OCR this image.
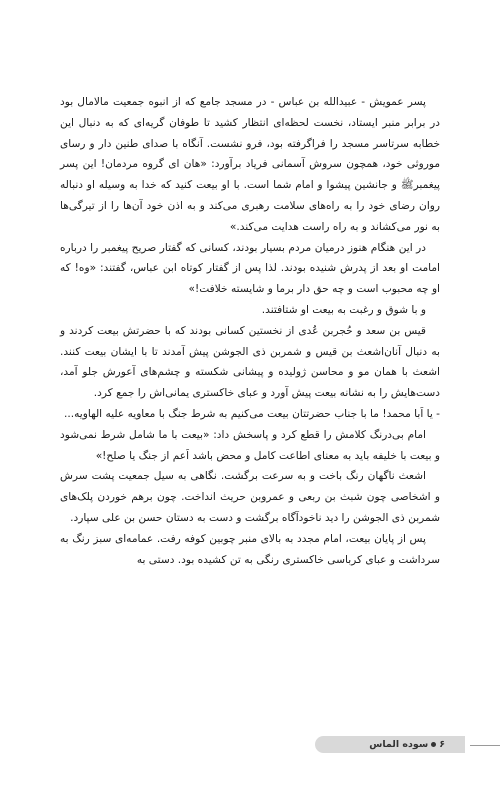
پسر عمویش - عبیدالله بن عباس - در مسجد جامع که از انبوه جمعیت مالامال بود در برابر منبر ایستاد، نخست لحظه‌ای انتظار کشید تا طوفان گریه‌ای که به دنبال این خطابه سرتاسر مسجد را فراگرفته بود، فرو نشست. آنگاه با صدای طنین دار و رسای موروثی خود، همچون سروش آسمانی فریاد برآورد: «هان ای گروه مردمان! این پسر پیغمبرﷺ و جانشین پیشوا و امام شما است. با او بیعت کنید که خدا به وسیله او دنباله روان رضای خود را به راه‌های سلامت رهبری می‌کند و به اذن خود آن‌ها را از تیرگی‌ها به نور می‌کشاند و به راه راست هدایت می‌کند.»

در این هنگام هنوز درمیان مردم بسیار بودند، کسانی که گفتار صریح پیغمبر را درباره امامت او بعد از پدرش شنیده بودند. لذا پس از گفتار کوتاه ابن عباس، گفتند: «وه! که او چه محبوب است و چه حق دار برما و شایسته خلافت!»

و با شوق و رغبت به بیعت او شتافتند.

قیس بن سعد و حُجربن عُدی از نخستین کسانی بودند که با حضرتش بیعت کردند و به دنبال آنان‌اشعث بن قیس و شمربن ذی الجوشن پیش آمدند تا با ایشان بیعت کنند. اشعث با همان مو و محاسن ژولیده و پیشانی شکسته و چشم‌های آعورش جلو آمد، دست‌هایش را به نشانه بیعت پیش آورد و عبای خاکستری یمانی‌اش را جمع کرد.

- یا اَبا محمد! ما با جناب حضرتتان بیعت می‌کنیم به شرط جنگ با معاویه علیه الهاویه...

امام بی‌درنگ کلامش را قطع کرد و پاسخش داد: «بیعت با ما شامل شرط نمی‌شود و بیعت با خلیفه باید به معنای اطاعت کامل و محض باشد اَعم از جنگ یا صلح!»

اشعث ناگهان رنگ باخت و به سرعت برگشت. نگاهی به سیل جمعیت پشت سرش و اشخاصی چون شبث بن ربعی و عمروبن حریث انداخت. چون برهم خوردن پلک‌های شمربن ذی الجوشن را دید ناخودآگاه برگشت و دست به دستان حسن بن علی سپارد.

پس از پایان بیعت، امام مجدد به بالای منبر چوبین کوفه رفت. عمامه‌ای سبز رنگ به سرداشت و عبای کرباسی خاکستری رنگی به تن کشیده بود. دستی به

۶سوده الماس
